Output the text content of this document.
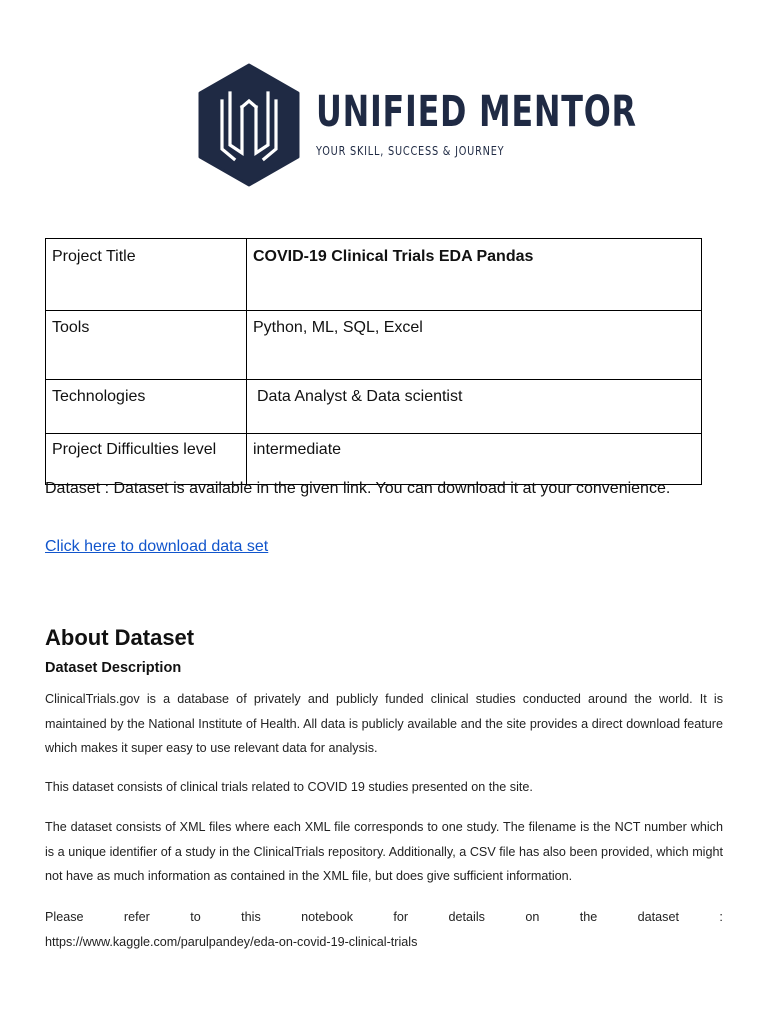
UNIFIED MENTOR
YOUR SKILL, SUCCESS & JOURNEY
Project Title	COVID-19 Clinical Trials EDA Pandas
Tools	Python, ML, SQL, Excel
Technologies	Data Analyst & Data scientist
Project Difficulties level	intermediate
Dataset : Dataset is available in the given link. You can download it at your convenience.
Click here to download data set
About Dataset
Dataset Description
ClinicalTrials.gov is a database of privately and publicly funded clinical studies conducted around the world. It is maintained by the National Institute of Health. All data is publicly available and the site provides a direct download feature which makes it super easy to use relevant data for analysis.
This dataset consists of clinical trials related to COVID 19 studies presented on the site.
The dataset consists of XML files where each XML file corresponds to one study. The filename is the NCT number which is a unique identifier of a study in the ClinicalTrials repository. Additionally, a CSV file has also been provided, which might not have as much information as contained in the XML file, but does give sufficient information.
Please	refer	to	this	notebook	for	details	on	the	dataset	:
https://www.kaggle.com/parulpandey/eda-on-covid-19-clinical-trials
